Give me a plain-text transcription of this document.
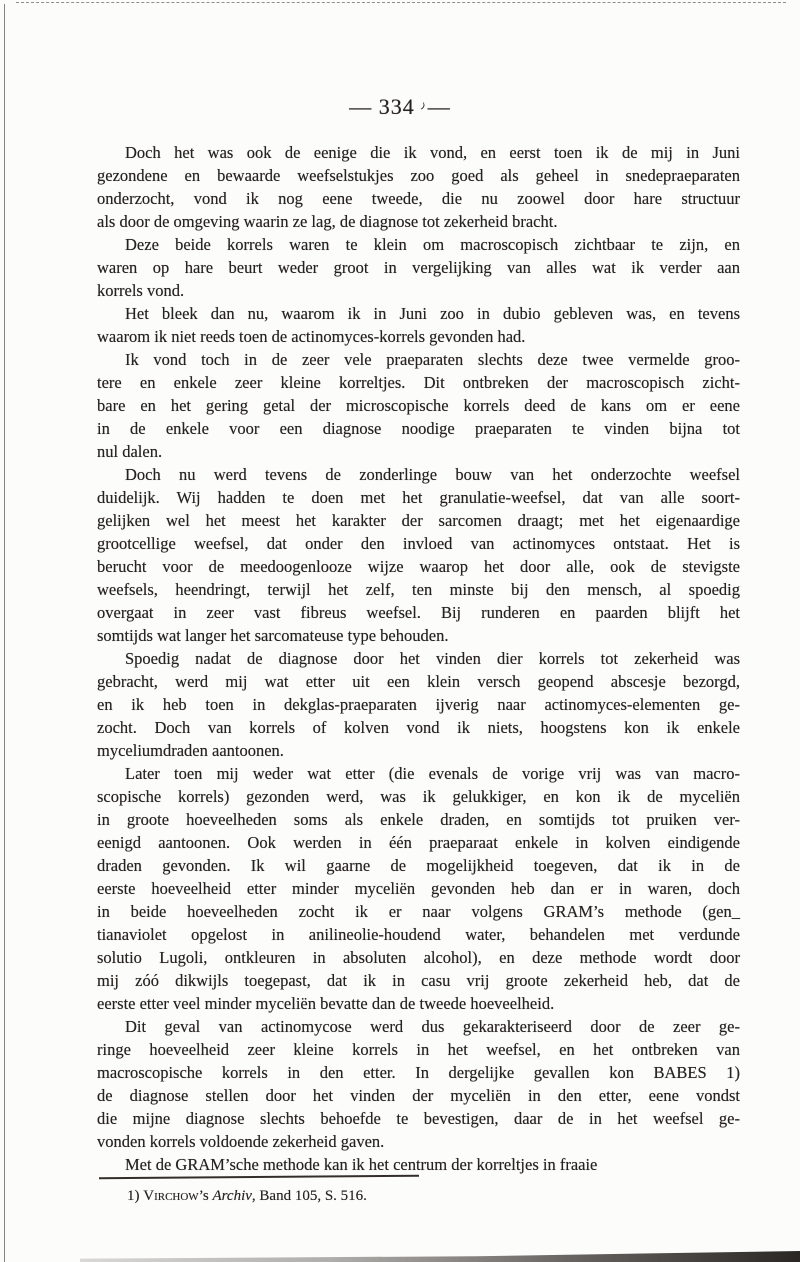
— 334 —
Doch het was ook de eenige die ik vond, en eerst toen ik de mij in Juni
gezondene en bewaarde weefselstukjes zoo goed als geheel in snedepraeparaten
onderzocht, vond ik nog eene tweede, die nu zoowel door hare structuur
als door de omgeving waarin ze lag, de diagnose tot zekerheid bracht.
Deze beide korrels waren te klein om macroscopisch zichtbaar te zijn, en
waren op hare beurt weder groot in vergelijking van alles wat ik verder aan
korrels vond.
Het bleek dan nu, waarom ik in Juni zoo in dubio gebleven was, en tevens
waarom ik niet reeds toen de actinomyces-korrels gevonden had.
Ik vond toch in de zeer vele praeparaten slechts deze twee vermelde groo-
tere en enkele zeer kleine korreltjes. Dit ontbreken der macroscopisch zicht-
bare en het gering getal der microscopische korrels deed de kans om er eene
in de enkele voor een diagnose noodige praeparaten te vinden bijna tot
nul dalen.
Doch nu werd tevens de zonderlinge bouw van het onderzochte weefsel
duidelijk. Wij hadden te doen met het granulatie-weefsel, dat van alle soort-
gelijken wel het meest het karakter der sarcomen draagt; met het eigenaardige
grootcellige weefsel, dat onder den invloed van actinomyces ontstaat. Het is
berucht voor de meedoogenlooze wijze waarop het door alle, ook de stevigste
weefsels, heendringt, terwijl het zelf, ten minste bij den mensch, al spoedig
overgaat in zeer vast fibreus weefsel. Bij runderen en paarden blijft het
somtijds wat langer het sarcomateuse type behouden.
Spoedig nadat de diagnose door het vinden dier korrels tot zekerheid was
gebracht, werd mij wat etter uit een klein versch geopend abscesje bezorgd,
en ik heb toen in dekglas-praeparaten ijverig naar actinomyces-elementen ge-
zocht. Doch van korrels of kolven vond ik niets, hoogstens kon ik enkele
myceliumdraden aantoonen.
Later toen mij weder wat etter (die evenals de vorige vrij was van macro-
scopische korrels) gezonden werd, was ik gelukkiger, en kon ik de myceliën
in groote hoeveelheden soms als enkele draden, en somtijds tot pruiken ver-
eenigd aantoonen. Ook werden in één praeparaat enkele in kolven eindigende
draden gevonden. Ik wil gaarne de mogelijkheid toegeven, dat ik in de
eerste hoeveelheid etter minder myceliën gevonden heb dan er in waren, doch
in beide hoeveelheden zocht ik er naar volgens GRAM’s methode (gen_
tianaviolet opgelost in anilineolie-houdend water, behandelen met verdunde
solutio Lugoli, ontkleuren in absoluten alcohol), en deze methode wordt door
mij zóó dikwijls toegepast, dat ik in casu vrij groote zekerheid heb, dat de
eerste etter veel minder myceliën bevatte dan de tweede hoeveelheid.
Dit geval van actinomycose werd dus gekarakteriseerd door de zeer ge-
ringe hoeveelheid zeer kleine korrels in het weefsel, en het ontbreken van
macroscopische korrels in den etter. In dergelijke gevallen kon BABES 1)
de diagnose stellen door het vinden der myceliën in den etter, eene vondst
die mijne diagnose slechts behoefde te bevestigen, daar de in het weefsel ge-
vonden korrels voldoende zekerheid gaven.
Met de GRAM’sche methode kan ik het centrum der korreltjes in fraaie
1) Virchow’s Archiv, Band 105, S. 516.
